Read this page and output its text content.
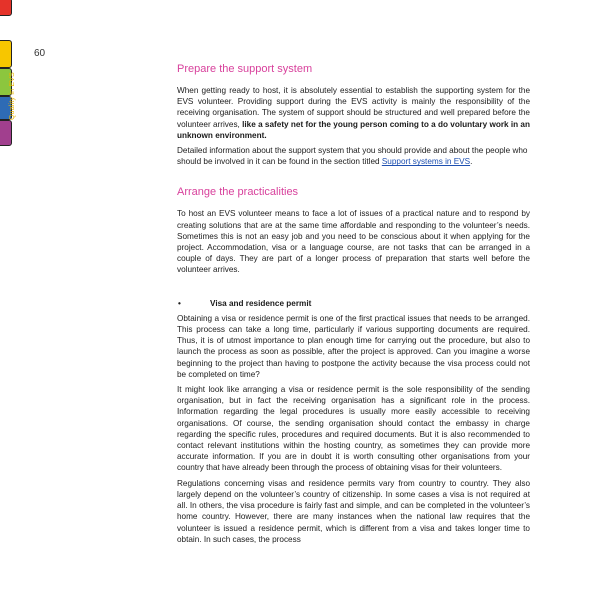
Quality in EVS
60
Prepare the support system

When getting ready to host, it is absolutely essential to establish the supporting system for the EVS volunteer. Providing support during the EVS activity is mainly the responsibility of the receiving organisation. The system of support should be structured and well prepared before the volunteer arrives, like a safety net for the young person coming to a do voluntary work in an unknown environment.

Detailed information about the support system that you should provide and about the people who should be involved in it can be found in the section titled Support systems in EVS.

Arrange the practicalities

To host an EVS volunteer means to face a lot of issues of a practical nature and to respond by creating solutions that are at the same time affordable and responding to the volunteer’s needs. Sometimes this is not an easy job and you need to be conscious about it when applying for the project. Accommodation, visa or a language course, are not tasks that can be arranged in a couple of days. They are part of a longer process of preparation that starts well before the volunteer arrives.

•	Visa and residence permit

Obtaining a visa or residence permit is one of the first practical issues that needs to be arranged. This process can take a long time, particularly if various supporting documents are required. Thus, it is of utmost importance to plan enough time for carrying out the procedure, but also to launch the process as soon as possible, after the project is approved. Can you imagine a worse beginning to the project than having to postpone the activity because the visa process could not be completed on time?

It might look like arranging a visa or residence permit is the sole responsibility of the sending organisation, but in fact the receiving organisation has a significant role in the process. Information regarding the legal procedures is usually more easily accessible to receiving organisations. Of course, the sending organisation should contact the embassy in charge regarding the specific rules, procedures and required documents. But it is also recommended to contact relevant institutions within the hosting country, as sometimes they can provide more accurate information. If you are in doubt it is worth consulting other organisations from your country that have already been through the process of obtaining visas for their volunteers.

Regulations concerning visas and residence permits vary from country to country. They also largely depend on the volunteer’s country of citizenship. In some cases a visa is not required at all. In others, the visa procedure is fairly fast and simple, and can be completed in the volunteer’s home country. However, there are many instances when the national law requires that the volunteer is issued a residence permit, which is different from a visa and takes longer time to obtain. In such cases, the process
